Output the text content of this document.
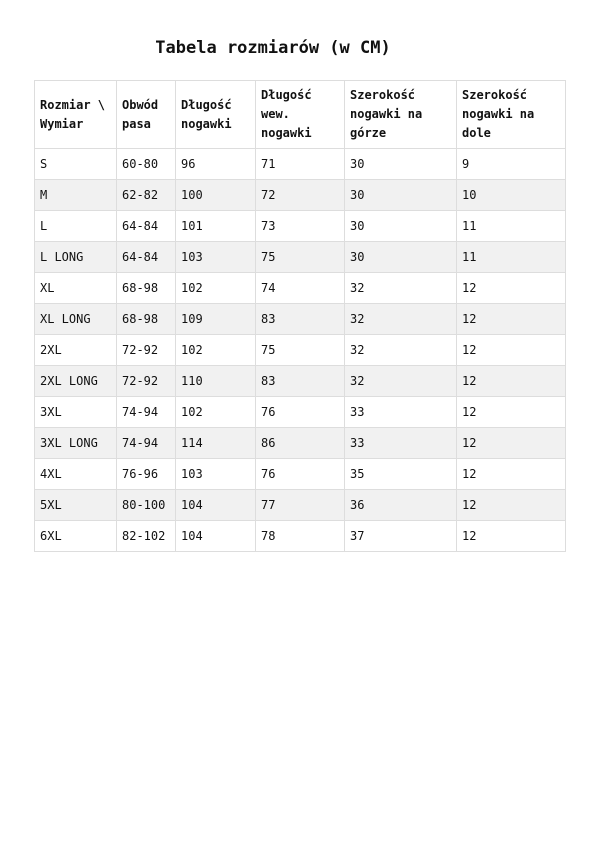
Tabela rozmiarów (w CM)
Rozmiar \ Wymiar	Obwód pasa	Długość nogawki	Długość wew. nogawki	Szerokość nogawki na górze	Szerokość nogawki na dole
S	60-80	96	71	30	9
M	62-82	100	72	30	10
L	64-84	101	73	30	11
L LONG	64-84	103	75	30	11
XL	68-98	102	74	32	12
XL LONG	68-98	109	83	32	12
2XL	72-92	102	75	32	12
2XL LONG	72-92	110	83	32	12
3XL	74-94	102	76	33	12
3XL LONG	74-94	114	86	33	12
4XL	76-96	103	76	35	12
5XL	80-100	104	77	36	12
6XL	82-102	104	78	37	12
